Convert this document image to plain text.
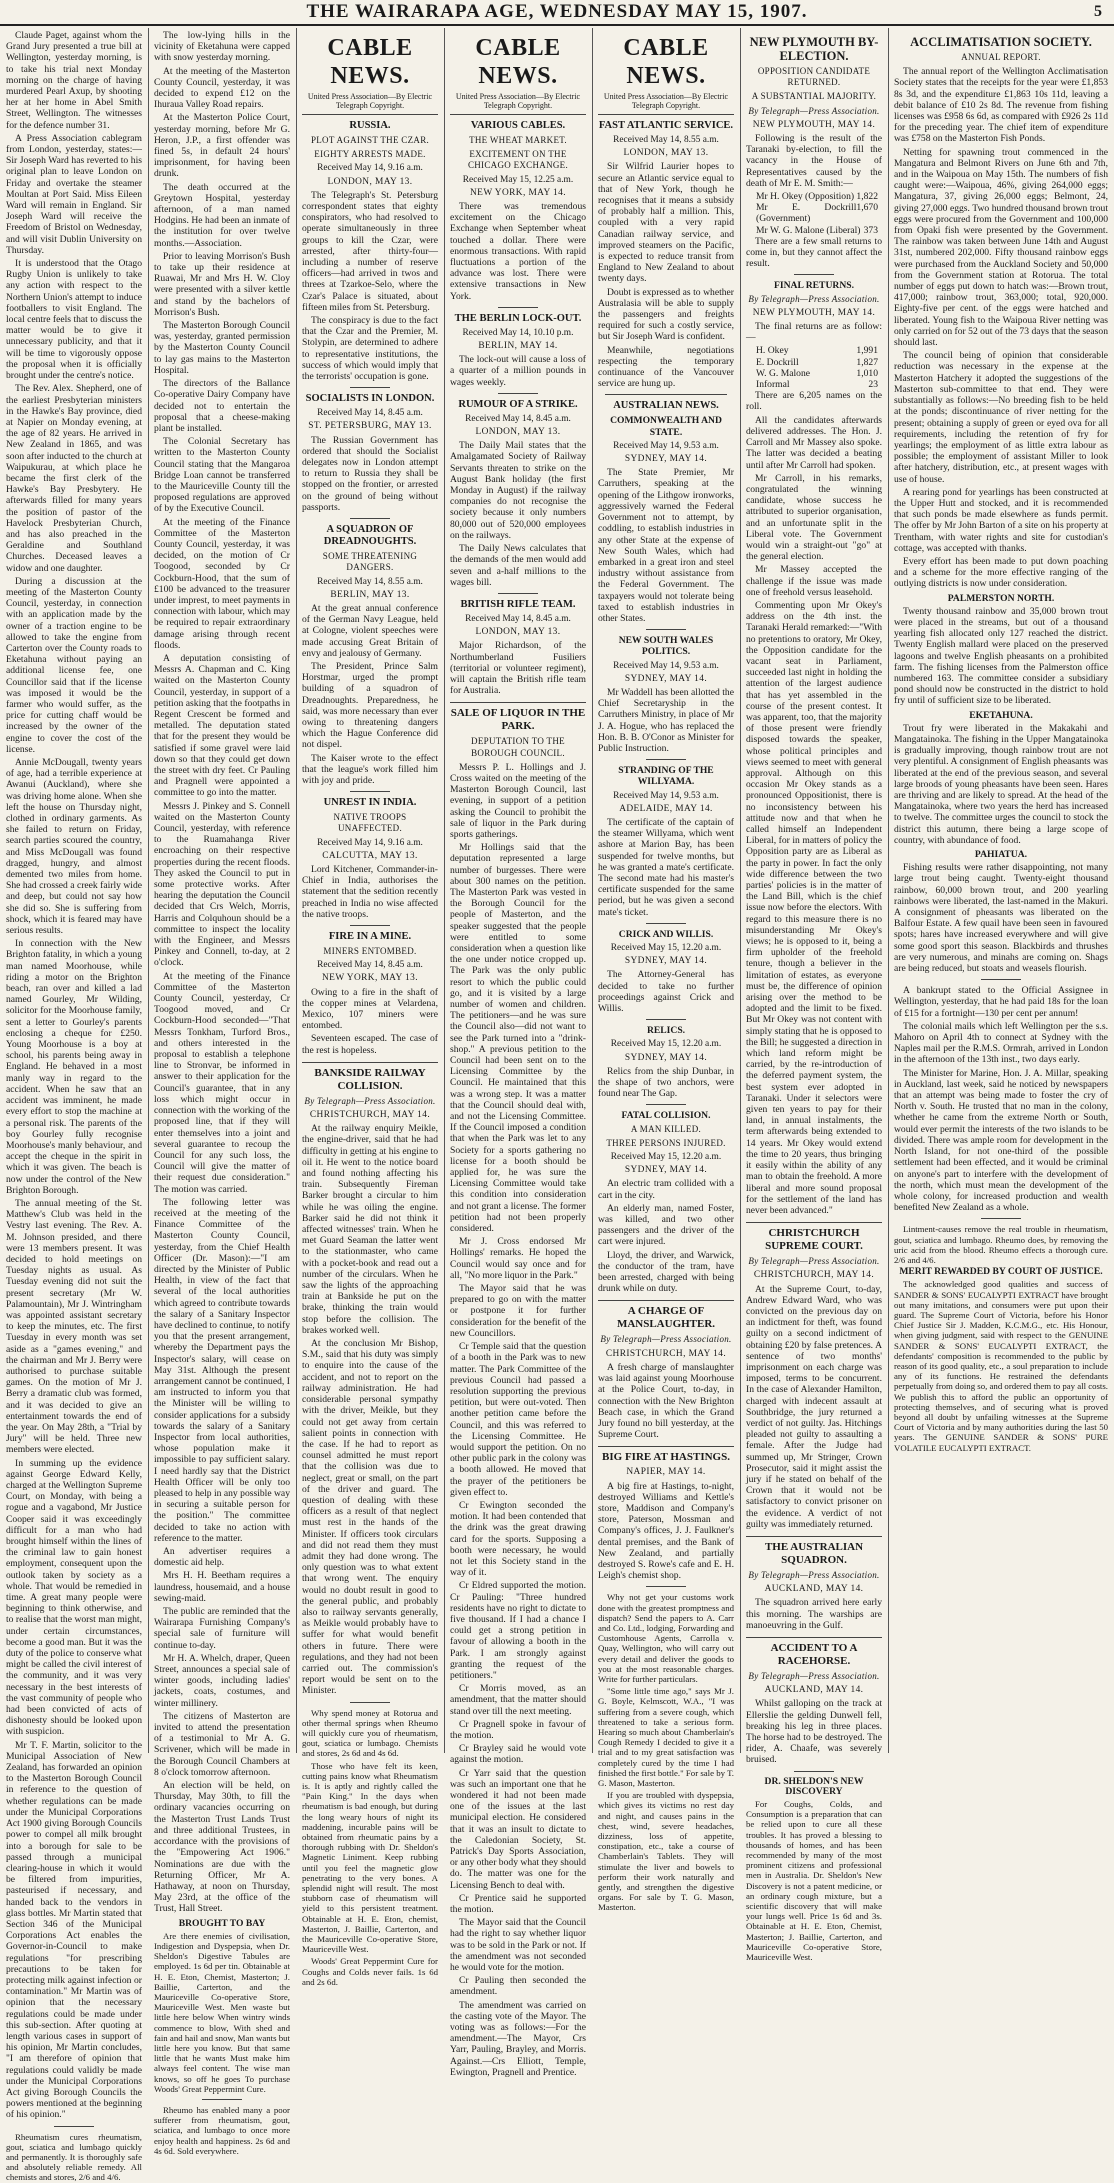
THE WAIRARAPA AGE, WEDNESDAY MAY 15, 1907.	5

Claude Paget, against whom the Grand Jury presented a true bill at Wellington, yesterday morning, is to take his trial next Monday morning on the charge of having murdered Pearl Axup, by shooting her at her home in Abel Smith Street, Wellington. The witnesses for the defence number 31.

A Press Association cablegram from London, yesterday, states:—Sir Joseph Ward has reverted to his original plan to leave London on Friday and overtake the steamer Moultan at Port Said. Miss Eileen Ward will remain in England. Sir Joseph Ward will receive the Freedom of Bristol on Wednesday, and will visit Dublin University on Thursday.

It is understood that the Otago Rugby Union is unlikely to take any action with respect to the Northern Union's attempt to induce footballers to visit England. The local centre feels that to discuss the matter would be to give it unnecessary publicity, and that it will be time to vigorously oppose the proposal when it is officially brought under the centre's notice.

The Rev. Alex. Shepherd, one of the earliest Presbyterian ministers in the Hawke's Bay province, died at Napier on Monday evening, at the age of 82 years. He arrived in New Zealand in 1865, and was soon after inducted to the church at Waipukurau, at which place he became the first clerk of the Hawke's Bay Presbytery. He afterwards filled for many years the position of pastor of the Havelock Presbyterian Church, and has also preached in the Geraldine and Southland Churches. Deceased leaves a widow and one daughter.

During a discussion at the meeting of the Masterton County Council, yesterday, in connection with an application made by the owner of a traction engine to be allowed to take the engine from Carterton over the County roads to Eketahuna without paying an additional license fee, one Councillor said that if the license was imposed it would be the farmer who would suffer, as the price for cutting chaff would be increased by the owner of the engine to cover the cost of the license.

Annie McDougall, twenty years of age, had a terrible experience at Awanui (Auckland), where she was driving home alone. When she left the house on Thursday night, clothed in ordinary garments. As she failed to return on Friday, search parties scoured the country, and Miss McDougall was found dragged, hungry, and almost demented two miles from home. She had crossed a creek fairly wide and deep, but could not say how she did so. She is suffering from shock, which it is feared may have serious results.

In connection with the New Brighton fatality, in which a young man named Moorhouse, while riding a motor on the Brighton beach, ran over and killed a lad named Gourley, Mr Wilding, solicitor for the Moorhouse family, sent a letter to Gourley's parents enclosing a cheque for £250. Young Moorhouse is a boy at school, his parents being away in England. He behaved in a most manly way in regard to the accident. When he saw that an accident was imminent, he made every effort to stop the machine at a personal risk. The parents of the boy Gourley fully recognise Moorhouse's manly behaviour, and accept the cheque in the spirit in which it was given. The beach is now under the control of the New Brighton Borough.

The annual meeting of the St. Matthew's Club was held in the Vestry last evening. The Rev. A. M. Johnson presided, and there were 13 members present. It was decided to hold meetings on Tuesday nights as usual. As Tuesday evening did not suit the present secretary (Mr W. Palamountain), Mr J. Wintringham was appointed assistant secretary to keep the minutes, etc. The first Tuesday in every month was set aside as a "games evening," and the chairman and Mr J. Berry were authorised to purchase suitable games. On the motion of Mr J. Berry a dramatic club was formed, and it was decided to give an entertainment towards the end of the year. On May 28th, a "Trial by Jury" will be held. Three new members were elected.

In summing up the evidence against George Edward Kelly, charged at the Wellington Supreme Court, on Monday, with being a rogue and a vagabond, Mr Justice Cooper said it was exceedingly difficult for a man who had brought himself within the lines of the criminal law to gain honest employment, consequent upon the outlook taken by society as a whole. That would be remedied in time. A great many people were beginning to think otherwise, and to realise that the worst man might, under certain circumstances, become a good man. But it was the duty of the police to conserve what might be called the civil interest of the community, and it was very necessary in the best interests of the vast community of people who had been convicted of acts of dishonesty should be looked upon with suspicion.

Mr T. F. Martin, solicitor to the Municipal Association of New Zealand, has forwarded an opinion to the Masterton Borough Council in reference to the question of whether regulations can be made under the Municipal Corporations Act 1900 giving Borough Councils power to compel all milk brought into a borough for sale to be passed through a municipal clearing-house in which it would be filtered from impurities, pasteurised if necessary, and handed back to the vendors in glass bottles. Mr Martin stated that Section 346 of the Municipal Corporations Act enables the Governor-in-Council to make regulations "for prescribing precautions to be taken for protecting milk against infection or contamination." Mr Martin was of opinion that the necessary regulations could be made under this sub-section. After quoting at length various cases in support of his opinion, Mr Martin concludes, "I am therefore of opinion that regulations could validly be made under the Municipal Corporations Act giving Borough Councils the powers mentioned at the beginning of his opinion."

Rheumatism cures rheumatism, gout, sciatica and lumbago quickly and permanently. It is thoroughly safe and absolutely reliable remedy. All chemists and stores, 2/6 and 4/6.

The low-lying hills in the vicinity of Eketahuna were capped with snow yesterday morning.

At the meeting of the Masterton County Council, yesterday, it was decided to expend £12 on the Ihuraua Valley Road repairs.

At the Masterton Police Court, yesterday morning, before Mr G. Heron, J.P., a first offender was fined 5s, in default 24 hours' imprisonment, for having been drunk.

The death occurred at the Greytown Hospital, yesterday afternoon, of a man named Hodgins. He had been an inmate of the institution for over twelve months.—Association.

Prior to leaving Morrison's Bush to take up their residence at Ruawai, Mr and Mrs H. W. Cloy were presented with a silver kettle and stand by the bachelors of Morrison's Bush.

The Masterton Borough Council was, yesterday, granted permission by the Masterton County Council to lay gas mains to the Masterton Hospital.

The directors of the Ballance Co-operative Dairy Company have decided not to entertain the proposal that a cheese-making plant be installed.

The Colonial Secretary has written to the Masterton County Council stating that the Mangaroa Bridge Loan cannot be transferred to the Mauriceville County till the proposed regulations are approved of by the Executive Council.

At the meeting of the Finance Committee of the Masterton County Council, yesterday, it was decided, on the motion of Cr Toogood, seconded by Cr Cockburn-Hood, that the sum of £100 be advanced to the treasurer under imprest, to meet payments in connection with labour, which may be required to repair extraordinary damage arising through recent floods.

A deputation consisting of Messrs A. Chapman and C. King waited on the Masterton County Council, yesterday, in support of a petition asking that the footpaths in Regent Crescent be formed and metalled. The deputation stated that for the present they would be satisfied if some gravel were laid down so that they could get down the street with dry feet. Cr Pauling and Pragnell were appointed a committee to go into the matter.

Messrs J. Pinkey and S. Connell waited on the Masterton County Council, yesterday, with reference to the Ruamahanga River encroaching on their respective properties during the recent floods. They asked the Council to put in some protective works. After hearing the deputation the Council decided that Crs Welch, Morris, Harris and Colquhoun should be a committee to inspect the locality with the Engineer, and Messrs Pinkey and Connell, to-day, at 2 o'clock.

At the meeting of the Finance Committee of the Masterton County Council, yesterday, Cr Toogood moved, and Cr Cockburn-Hood seconded—"That Messrs Tonkham, Turford Bros., and others interested in the proposal to establish a telephone line to Stronvar, be informed in answer to their application for the Council's guarantee, that in any loss which might occur in connection with the working of the proposed line, that if they will enter themselves into a joint and several guarantee to recoup the Council for any such loss, the Council will give the matter of their request due consideration." The motion was carried.

The following letter was received at the meeting of the Finance Committee of the Masterton County Council, yesterday, from the Chief Health Officer (Dr. Mason):—"I am directed by the Minister of Public Health, in view of the fact that several of the local authorities which agreed to contribute towards the salary of a Sanitary Inspector have declined to continue, to notify you that the present arrangement, whereby the Department pays the Inspector's salary, will cease on May 31st. Although the present arrangement cannot be continued, I am instructed to inform you that the Minister will be willing to consider applications for a subsidy towards the salary of a Sanitary Inspector from local authorities, whose population make it impossible to pay sufficient salary. I need hardly say that the District Health Officer will be only too pleased to help in any possible way in securing a suitable person for the position." The committee decided to take no action with reference to the matter.

An advertiser requires a domestic aid help.

Mrs H. H. Beetham requires a laundress, housemaid, and a house sewing-maid.

The public are reminded that the Wairarapa Furnishing Company's special sale of furniture will continue to-day.

Mr H. A. Whelch, draper, Queen Street, announces a special sale of winter goods, including ladies' jackets, coats, costumes, and winter millinery.

The citizens of Masterton are invited to attend the presentation of a testimonial to Mr A. G. Scrivener, which will be made in the Borough Council Chambers at 8 o'clock tomorrow afternoon.

An election will be held, on Thursday, May 30th, to fill the ordinary vacancies occurring on the Masterton Trust Lands Trust and three additional Trustees, in accordance with the provisions of the "Empowering Act 1906." Nominations are due with the Returning Officer, Mr A. Hathaway, at noon on Thursday, May 23rd, at the office of the Trust, Hall Street.

BROUGHT TO BAY

Are there enemies of civilisation, Indigestion and Dyspepsia, when Dr. Sheldon's Digestive Tabules are employed. 1s 6d per tin. Obtainable at H. E. Eton, Chemist, Masterton; J. Baillie, Carterton, and the Mauriceville Co-operative Store, Mauriceville West. Men waste but little here below When wintry winds commence to blow, With shed and fain and hail and snow, Man wants but little here you know. But that same little that he wants Must make him always feel content. The wise man knows, so off he goes To purchase Woods' Great Peppermint Cure.

Rheumo has enabled many a poor sufferer from rheumatism, gout, sciatica, and lumbago to once more enjoy health and happiness. 2s 6d and 4s 6d. Sold everywhere.

CABLE NEWS.
United Press Association—By Electric Telegraph Copyright.
RUSSIA.
PLOT AGAINST THE CZAR.
EIGHTY ARRESTS MADE.
Received May 14, 9.16 a.m.
LONDON, MAY 13.

The Telegraph's St. Petersburg correspondent states that eighty conspirators, who had resolved to operate simultaneously in three groups to kill the Czar, were arrested, after thirty-four—including a number of reserve officers—had arrived in twos and threes at Tzarkoe-Selo, where the Czar's Palace is situated, about fifteen miles from St. Petersburg.

The conspiracy is due to the fact that the Czar and the Premier, M. Stolypin, are determined to adhere to representative institutions, the success of which would imply that the terrorists' occupation is gone.

SOCIALISTS IN LONDON.
Received May 14, 8.45 a.m.
ST. PETERSBURG, MAY 13.

The Russian Government has ordered that should the Socialist delegates now in London attempt to return to Russia they shall be stopped on the frontier, or arrested on the ground of being without passports.

A SQUADRON OF DREADNOUGHTS.
SOME THREATENING DANGERS.
Received May 14, 8.55 a.m.
BERLIN, MAY 13.

At the great annual conference of the German Navy League, held at Cologne, violent speeches were made accusing Great Britain of envy and jealousy of Germany.

The President, Prince Salm Horstmar, urged the prompt building of a squadron of Dreadnoughts. Preparedness, he said, was more necessary than ever owing to threatening dangers which the Hague Conference did not dispel.

The Kaiser wrote to the effect that the league's work filled him with joy and pride.

UNREST IN INDIA.
NATIVE TROOPS UNAFFECTED.
Received May 14, 9.16 a.m.
CALCUTTA, MAY 13.

Lord Kitchener, Commander-in-Chief in India, authorises the statement that the sedition recently preached in India no wise affected the native troops.

FIRE IN A MINE.
MINERS ENTOMBED.
Received May 14, 8.45 a.m.
NEW YORK, MAY 13.

Owing to a fire in the shaft of the copper mines at Velardena, Mexico, 107 miners were entombed.

Seventeen escaped. The case of the rest is hopeless.

BANKSIDE RAILWAY COLLISION.
By Telegraph—Press Association.
CHRISTCHURCH, MAY 14.

At the railway enquiry Meikle, the engine-driver, said that he had difficulty in getting at his engine to oil it. He went to the notice board and found nothing affecting his train. Subsequently Fireman Barker brought a circular to him while he was oiling the engine. Barker said he did not think it affected witnesses' train. When he met Guard Seaman the latter went to the stationmaster, who came with a pocket-book and read out a number of the circulars. When he saw the lights of the approaching train at Bankside he put on the brake, thinking the train would stop before the collision. The brakes worked well.

At the conclusion Mr Bishop, S.M., said that his duty was simply to enquire into the cause of the accident, and not to report on the railway administration. He had considerable personal sympathy with the driver, Meikle, but they could not get away from certain salient points in connection with the case. If he had to report as counsel admitted he must report that the collision was due to neglect, great or small, on the part of the driver and guard. The question of dealing with these officers as a result of that neglect must rest in the hands of the Minister. If officers took circulars and did not read them they must admit they had done wrong. The only question was to what extent that wrong went. The enquiry would no doubt result in good to the general public, and probably also to railway servants generally, as Meikle would probably have to suffer for what would benefit others in future. There were regulations, and they had not been carried out. The commission's report would be sent on to the Minister.

Why spend money at Rotorua and other thermal springs when Rheumo will quickly cure you of rheumatism, gout, sciatica or lumbago. Chemists and stores, 2s 6d and 4s 6d.

Those who have felt its keen, cutting pains know what Rheumatism is. It is aptly and rightly called the "Pain King." In the days when rheumatism is bad enough, but during the long weary hours of night its maddening, incurable pains will be obtained from rheumatic pains by a thorough rubbing with Dr. Sheldon's Magnetic Liniment. Keep rubbing until you feel the magnetic glow penetrating to the very bones. A splendid night will result. The most stubborn case of rheumatism will yield to this persistent treatment. Obtainable at H. E. Eton, chemist, Masterton, J. Baillie, Carterton, and the Mauriceville Co-operative Store, Mauriceville West.

Woods' Great Peppermint Cure for Coughs and Colds never fails. 1s 6d and 2s 6d.

CABLE NEWS.
United Press Association—By Electric Telegraph Copyright.
VARIOUS CABLES.
THE WHEAT MARKET.
EXCITEMENT ON THE CHICAGO EXCHANGE.
Received May 15, 12.25 a.m.
NEW YORK, MAY 14.

There was tremendous excitement on the Chicago Exchange when September wheat touched a dollar. There were enormous transactions. With rapid fluctuations a portion of the advance was lost. There were extensive transactions in New York.

THE BERLIN LOCK-OUT.
Received May 14, 10.10 p.m.
BERLIN, MAY 14.

The lock-out will cause a loss of a quarter of a million pounds in wages weekly.

RUMOUR OF A STRIKE.
Received May 14, 8.45 a.m.
LONDON, MAY 13.

The Daily Mail states that the Amalgamated Society of Railway Servants threaten to strike on the August Bank holiday (the first Monday in August) if the railway companies do not recognise the society because it only numbers 80,000 out of 520,000 employees on the railways.

The Daily News calculates that the demands of the men would add seven and a-half millions to the wages bill.

BRITISH RIFLE TEAM.
Received May 14, 8.45 a.m.
LONDON, MAY 13.

Major Richardson, of the Northumberland Fusiliers (territorial or volunteer regiment), will captain the British rifle team for Australia.

SALE OF LIQUOR IN THE PARK.
DEPUTATION TO THE BOROUGH COUNCIL.

Messrs P. L. Hollings and J. Cross waited on the meeting of the Masterton Borough Council, last evening, in support of a petition asking the Council to prohibit the sale of liquor in the Park during sports gatherings.

Mr Hollings said that the deputation represented a large number of burgesses. There were about 300 names on the petition. The Masterton Park was vested in the Borough Council for the people of Masterton, and the speaker suggested that the people were entitled to some consideration when a question like the one under notice cropped up. The Park was the only public resort to which the public could go, and it is visited by a large number of women and children. The petitioners—and he was sure the Council also—did not want to see the Park turned into a "drink-shop." A previous petition to the Council had been sent on to the Licensing Committee by the Council. He maintained that this was a wrong step. It was a matter that the Council should deal with, and not the Licensing Committee. If the Council imposed a condition that when the Park was let to any Society for a sports gathering no license for a booth should be applied for, he was sure the Licensing Committee would take this condition into consideration and not grant a license. The former petition had not been properly considered.

Mr J. Cross endorsed Mr Hollings' remarks. He hoped the Council would say once and for all, "No more liquor in the Park."

The Mayor said that he was prepared to go on with the matter or postpone it for further consideration for the benefit of the new Councillors.

Cr Temple said that the question of a booth in the Park was to new matter. The Park Committee of the previous Council had passed a resolution supporting the previous petition, but were out-voted. Then another petition came before the Council, and this was referred to the Licensing Committee. He would support the petition. On no other public park in the colony was a booth allowed. He moved that the prayer of the petitioners be given effect to.

Cr Ewington seconded the motion. It had been contended that the drink was the great drawing card for the sports. Supposing a booth were necessary, he would not let this Society stand in the way of it.

Cr Eldred supported the motion. Cr Pauling: "Three hundred residents have no right to dictate to five thousand. If I had a chance I could get a strong petition in favour of allowing a booth in the Park. I am strongly against granting the request of the petitioners."

Cr Morris moved, as an amendment, that the matter should stand over till the next meeting.

Cr Pragnell spoke in favour of the motion.

Cr Brayley said he would vote against the motion.

Cr Yarr said that the question was such an important one that he wondered it had not been made one of the issues at the last municipal election. He considered that it was an insult to dictate to the Caledonian Society, St. Patrick's Day Sports Association, or any other body what they should do. The matter was one for the Licensing Bench to deal with.

Cr Prentice said he supported the motion.

The Mayor said that the Council had the right to say whether liquor was to be sold in the Park or not. If the amendment was not seconded he would vote for the motion.

Cr Pauling then seconded the amendment.

The amendment was carried on the casting vote of the Mayor. The voting was as follows:—For the amendment.—The Mayor, Crs Yarr, Pauling, Brayley, and Morris. Against.—Crs Elliott, Temple, Ewington, Pragnell and Prentice.

CABLE NEWS.
United Press Association—By Electric Telegraph Copyright.
FAST ATLANTIC SERVICE.
Received May 14, 8.55 a.m.
LONDON, MAY 13.

Sir Wilfrid Laurier hopes to secure an Atlantic service equal to that of New York, though he recognises that it means a subsidy of probably half a million. This, coupled with a very rapid Canadian railway service, and improved steamers on the Pacific, is expected to reduce transit from England to New Zealand to about twenty days.

Doubt is expressed as to whether Australasia will be able to supply the passengers and freights required for such a costly service, but Sir Joseph Ward is confident.

Meanwhile, negotiations respecting the temporary continuance of the Vancouver service are hung up.

AUSTRALIAN NEWS.
COMMONWEALTH AND STATE.
Received May 14, 9.53 a.m.
SYDNEY, MAY 14.

The State Premier, Mr Carruthers, speaking at the opening of the Lithgow ironworks, aggressively warned the Federal Government not to attempt, by coddling, to establish industries in any other State at the expense of New South Wales, which had embarked in a great iron and steel industry without assistance from the Federal Government. The taxpayers would not tolerate being taxed to establish industries in other States.

NEW SOUTH WALES POLITICS.
Received May 14, 9.53 a.m.
SYDNEY, MAY 14.

Mr Waddell has been allotted the Chief Secretaryship in the Carruthers Ministry, in place of Mr J. A. Hogue, who has replaced the Hon. B. B. O'Conor as Minister for Public Instruction.

STRANDING OF THE WILLYAMA.
Received May 14, 9.53 a.m.
ADELAIDE, MAY 14.

The certificate of the captain of the steamer Willyama, which went ashore at Marion Bay, has been suspended for twelve months, but he was granted a mate's certificate. The second mate had his master's certificate suspended for the same period, but he was given a second mate's ticket.

CRICK AND WILLIS.
Received May 15, 12.20 a.m.
SYDNEY, MAY 14.

The Attorney-General has decided to take no further proceedings against Crick and Willis.

RELICS.
Received May 15, 12.20 a.m.
SYDNEY, MAY 14.

Relics from the ship Dunbar, in the shape of two anchors, were found near The Gap.

FATAL COLLISION.
A MAN KILLED.
THREE PERSONS INJURED.
Received May 15, 12.20 a.m.
SYDNEY, MAY 14.

An electric tram collided with a cart in the city.

An elderly man, named Foster, was killed, and two other passengers and the driver of the cart were injured.

Lloyd, the driver, and Warwick, the conductor of the tram, have been arrested, charged with being drunk while on duty.

A CHARGE OF MANSLAUGHTER.
By Telegraph—Press Association.
CHRISTCHURCH, MAY 14.

A fresh charge of manslaughter was laid against young Moorhouse at the Police Court, to-day, in connection with the New Brighton Beach case, in which the Grand Jury found no bill yesterday, at the Supreme Court.

BIG FIRE AT HASTINGS.
NAPIER, MAY 14.

A big fire at Hastings, to-night, destroyed Williams and Kettle's store, Maddison and Company's store, Paterson, Mossman and Company's offices, J. J. Faulkner's dental premises, and the Bank of New Zealand, and partially destroyed S. Rowe's cafe and E. H. Leigh's chemist shop.

Why not get your customs work done with the greatest promptness and dispatch? Send the papers to A. Carr and Co. Ltd., lodging, Forwarding and Customhouse Agents, Carrolla v. Quay, Wellington, who will carry out every detail and deliver the goods to you at the most reasonable charges. Write for further particulars.

"Some little time ago," says Mr J. G. Boyle, Kelmscott, W.A., "I was suffering from a severe cough, which threatened to take a serious form. Hearing so much about Chamberlain's Cough Remedy I decided to give it a trial and to my great satisfaction was completely cured by the time I had finished the first bottle." For sale by T. G. Mason, Masterton.

If you are troubled with dyspepsia, which gives its victims no rest day and night, and causes pains in the chest, wind, severe headaches, dizziness, loss of appetite, constipation, etc., take a course of Chamberlain's Tablets. They will stimulate the liver and bowels to perform their work naturally and gently, and strengthen the digestive organs. For sale by T. G. Mason, Masterton.

NEW PLYMOUTH BY-ELECTION.
OPPOSITION CANDIDATE RETURNED.
A SUBSTANTIAL MAJORITY.
By Telegraph—Press Association.
NEW PLYMOUTH, MAY 14.

Following is the result of the Taranaki by-election, to fill the vacancy in the House of Representatives caused by the death of Mr E. M. Smith:—

Mr H. Okey (Opposition) 1,822
Mr E. Dockrill (Government)
1,670
Mr W. G. Malone (Liberal) 373

There are a few small returns to come in, but they cannot affect the result.

FINAL RETURNS.
By Telegraph—Press Association.
NEW PLYMOUTH, MAY 14.

The final returns are as follow:—

H. Okey	1,991
E. Dockrill	1,827
W. G. Malone	1,010
Informal	23

There are 6,205 names on the roll.

All the candidates afterwards delivered addresses. The Hon. J. Carroll and Mr Massey also spoke. The latter was decided a beating until after Mr Carroll had spoken.

Mr Carroll, in his remarks, congratulated the winning candidate, whose success he attributed to superior organisation, and an unfortunate split in the Liberal vote. The Government would win a straight-out "go" at the general election.

Mr Massey accepted the challenge if the issue was made one of freehold versus leasehold.

Commenting upon Mr Okey's address on the 4th inst. the Taranaki Herald remarked:—"With no pretentions to oratory, Mr Okey, the Opposition candidate for the vacant seat in Parliament, succeeded last night in holding the attention of the largest audience that has yet assembled in the course of the present contest. It was apparent, too, that the majority of those present were friendly disposed towards the speaker, whose political principles and views seemed to meet with general approval. Although on this occasion Mr Okey stands as a pronounced Oppositionist, there is no inconsistency between his attitude now and that when he called himself an Independent Liberal, for in matters of policy the Opposition party are as Liberal as the party in power. In fact the only wide difference between the two parties' policies is in the matter of the Land Bill, which is the chief issue now before the electors. With regard to this measure there is no misunderstanding Mr Okey's views; he is opposed to it, being a firm upholder of the freehold tenure, though a believer in the limitation of estates, as everyone must be, the difference of opinion arising over the method to be adopted and the limit to be fixed. But Mr Okey was not content with simply stating that he is opposed to the Bill; he suggested a direction in which land reform might be carried, by the re-introduction of the deferred payment system, the best system ever adopted in Taranaki. Under it selectors were given ten years to pay for their land, in annual instalments, the term afterwards being extended to 14 years. Mr Okey would extend the time to 20 years, thus bringing it easily within the ability of any man to obtain the freehold. A more liberal and more sound proposal for the settlement of the land has never been advanced."

CHRISTCHURCH SUPREME COURT.
By Telegraph—Press Association.
CHRISTCHURCH, MAY 14.

At the Supreme Court, to-day, Andrew Edward Ward, who was convicted on the previous day on an indictment for theft, was found guilty on a second indictment of obtaining £20 by false pretences. A sentence of two months' imprisonment on each charge was imposed, terms to be concurrent. In the case of Alexander Hamilton, charged with indecent assault at Southbridge, the jury returned a verdict of not guilty. Jas. Hitchings pleaded not guilty to assaulting a female. After the Judge had summed up, Mr Stringer, Crown Prosecutor, said it might assist the jury if he stated on behalf of the Crown that it would not be satisfactory to convict prisoner on the evidence. A verdict of not guilty was immediately returned.

THE AUSTRALIAN SQUADRON.
By Telegraph—Press Association.
AUCKLAND, MAY 14.

The squadron arrived here early this morning. The warships are manoeuvring in the Gulf.

ACCIDENT TO A RACEHORSE.
By Telegraph—Press Association.
AUCKLAND, MAY 14.

Whilst galloping on the track at Ellerslie the gelding Dunwell fell, breaking his leg in three places. The horse had to be destroyed. The rider, A. Chaafe, was severely bruised.

DR. SHELDON'S NEW DISCOVERY

For Coughs, Colds, and Consumption is a preparation that can be relied upon to cure all these troubles. It has proved a blessing to thousands of homes, and has been recommended by many of the most prominent citizens and professional men in Australia. Dr. Sheldon's New Discovery is not a patent medicine, or an ordinary cough mixture, but a scientific discovery that will make your lungs well. Price 1s 6d and 3s. Obtainable at H. E. Eton, Chemist, Masterton; J. Baillie, Carterton, and Mauriceville Co-operative Store, Mauriceville West.

ACCLIMATISATION SOCIETY.
ANNUAL REPORT.

The annual report of the Wellington Acclimatisation Society states that the receipts for the year were £1,853 8s 3d, and the expenditure £1,863 10s 11d, leaving a debit balance of £10 2s 8d. The revenue from fishing licenses was £958 6s 6d, as compared with £926 2s 11d for the preceding year. The chief item of expenditure was £758 on the Masterton Fish Ponds.

Netting for spawning trout commenced in the Mangatura and Belmont Rivers on June 6th and 7th, and in the Waipoua on May 15th. The numbers of fish caught were:—Waipoua, 46%, giving 264,000 eggs; Mangatura, 37, giving 26,000 eggs; Belmont, 24, giving 27,000 eggs. Two hundred thousand brown trout eggs were procured from the Government and 100,000 from Opaki fish were presented by the Government. The rainbow was taken between June 14th and August 31st, numbered 202,000. Fifty thousand rainbow eggs were purchased from the Auckland Society and 50,000 from the Government station at Rotorua. The total number of eggs put down to hatch was:—Brown trout, 417,000; rainbow trout, 363,000; total, 920,000. Eighty-five per cent. of the eggs were hatched and liberated. Young fish to the Waipoua River netting was only carried on for 52 out of the 73 days that the season should last.

The council being of opinion that considerable reduction was necessary in the expense at the Masterton Hatchery it adopted the suggestions of the Masterton sub-committee to that end. They were substantially as follows:—No breeding fish to be held at the ponds; discontinuance of river netting for the present; obtaining a supply of green or eyed ova for all requirements, including the retention of fry for yearlings; the employment of as little extra labour as possible; the employment of assistant Miller to look after hatchery, distribution, etc., at present wages with use of house.

A rearing pond for yearlings has been constructed at the Upper Hutt and stocked, and it is recommended that such ponds be made elsewhere as funds permit. The offer by Mr John Barton of a site on his property at Trentham, with water rights and site for custodian's cottage, was accepted with thanks.

Every effort has been made to put down poaching and a scheme for the more effective ranging of the outlying districts is now under consideration.

PALMERSTON NORTH.

Twenty thousand rainbow and 35,000 brown trout were placed in the streams, but out of a thousand yearling fish allocated only 127 reached the district. Twenty English mallard were placed on the preserved lagoons and twelve English pheasants on a prohibited farm. The fishing licenses from the Palmerston office numbered 163. The committee consider a subsidiary pond should now be constructed in the district to hold fry until of sufficient size to be liberated.

EKETAHUNA.

Trout fry were liberated in the Makakahi and Mangatainoka. The fishing in the Upper Mangatainoka is gradually improving, though rainbow trout are not very plentiful. A consignment of English pheasants was liberated at the end of the previous season, and several large broods of young pheasants have been seen. Hares are thriving and are likely to spread. At the head of the Mangatainoka, where two years the herd has increased to twelve. The committee urges the council to stock the district this autumn, there being a large scope of country, with abundance of food.

PAHIATUA.

Fishing results were rather disappointing, not many large trout being caught. Twenty-eight thousand rainbow, 60,000 brown trout, and 200 yearling rainbows were liberated, the last-named in the Makuri. A consignment of pheasants was liberated on the Balfour Estate. A few quail have been seen in favoured spots; hares have increased everywhere and will give some good sport this season. Blackbirds and thrushes are very numerous, and minahs are coming on. Shags are being reduced, but stoats and weasels flourish.

A bankrupt stated to the Official Assignee in Wellington, yesterday, that he had paid 18s for the loan of £15 for a fortnight—130 per cent per annum!

The colonial mails which left Wellington per the s.s. Mahoro on April 4th to connect at Sydney with the Naples mail per the R.M.S. Ormrah, arrived in London in the afternoon of the 13th inst., two days early.

The Minister for Marine, Hon. J. A. Millar, speaking in Auckland, last week, said he noticed by newspapers that an attempt was being made to foster the cry of North v. South. He trusted that no man in the colony, whether he came from the extreme North or South, would ever permit the interests of the two islands to be divided. There was ample room for development in the North Island, for not one-third of the possible settlement had been effected, and it would be criminal on anyone's part to interfere with the development of the north, which must mean the development of the whole colony, for increased production and wealth benefited New Zealand as a whole.

Lintment-causes remove the real trouble in rheumatism, gout, sciatica and lumbago. Rheumo does, by removing the uric acid from the blood. Rheumo effects a thorough cure. 2/6 and 4/6.

MERIT REWARDED BY COURT OF JUSTICE.

The acknowledged good qualities and success of SANDER & SONS' EUCALYPTI EXTRACT have brought out many imitations, and consumers were put upon their guard. The Supreme Court of Victoria, before his Honor Chief Justice Sir J. Madden, K.C.M.G., etc. His Honour, when giving judgment, said with respect to the GENUINE SANDER & SONS' EUCALYPTI EXTRACT, the defendants' composition is recommended to the public by reason of its good quality, etc., a soul preparation to include any of its functions. He restrained the defendants perpetually from doing so, and ordered them to pay all costs. We publish this to afford the public an opportunity of protecting themselves, and of securing what is proved beyond all doubt by unfailing witnesses at the Supreme Court of Victoria and by many authorities during the last 50 years. The GENUINE SANDER & SONS' PURE VOLATILE EUCALYPTI EXTRACT.
